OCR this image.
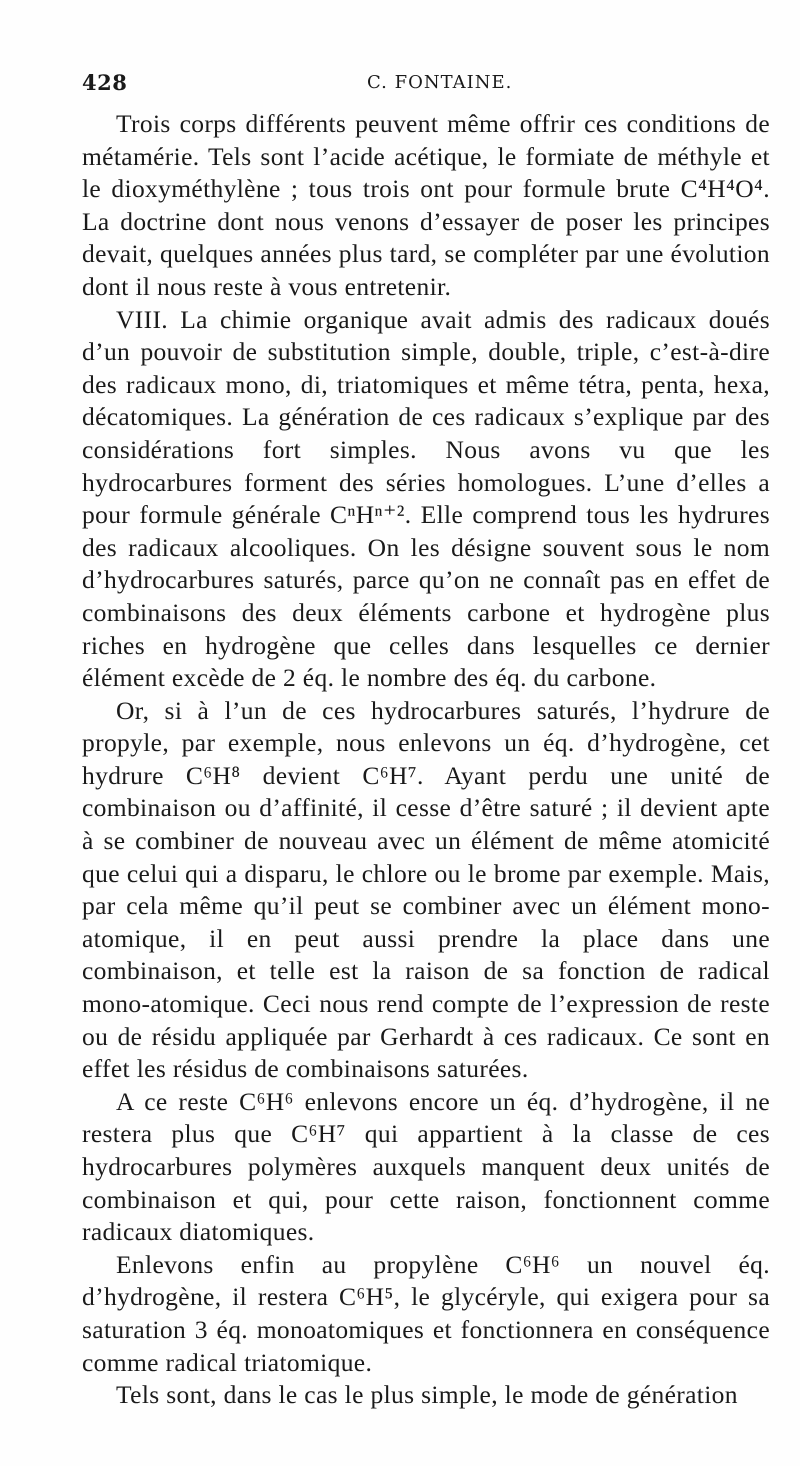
428	C. FONTAINE.

Trois corps différents peuvent même offrir ces conditions de métamérie. Tels sont l’acide acétique, le formiate de méthyle et le dioxyméthylène ; tous trois ont pour formule brute C⁴H⁴O⁴. La doctrine dont nous venons d’essayer de poser les principes devait, quelques années plus tard, se compléter par une évolution dont il nous reste à vous entretenir.

VIII. La chimie organique avait admis des radicaux doués d’un pouvoir de substitution simple, double, triple, c’est-à-dire des radicaux mono, di, triatomiques et même tétra, penta, hexa, décatomiques. La génération de ces radicaux s’explique par des considérations fort simples. Nous avons vu que les hydrocarbures forment des séries homologues. L’une d’elles a pour formule générale CⁿHⁿ⁺². Elle comprend tous les hydrures des radicaux alcooliques. On les désigne souvent sous le nom d’hydrocarbures saturés, parce qu’on ne connaît pas en effet de combinaisons des deux éléments carbone et hydrogène plus riches en hydrogène que celles dans lesquelles ce dernier élément excède de 2 éq. le nombre des éq. du carbone.

Or, si à l’un de ces hydrocarbures saturés, l’hydrure de propyle, par exemple, nous enlevons un éq. d’hydrogène, cet hydrure C⁶H⁸ devient C⁶H⁷. Ayant perdu une unité de combinaison ou d’affinité, il cesse d’être saturé ; il devient apte à se combiner de nouveau avec un élément de même atomicité que celui qui a disparu, le chlore ou le brome par exemple. Mais, par cela même qu’il peut se combiner avec un élément mono-atomique, il en peut aussi prendre la place dans une combinaison, et telle est la raison de sa fonction de radical mono-atomique. Ceci nous rend compte de l’expression de reste ou de résidu appliquée par Gerhardt à ces radicaux. Ce sont en effet les résidus de combinaisons saturées.

A ce reste C⁶H⁶ enlevons encore un éq. d’hydrogène, il ne restera plus que C⁶H⁷ qui appartient à la classe de ces hydrocarbures polymères auxquels manquent deux unités de combinaison et qui, pour cette raison, fonctionnent comme radicaux diatomiques.

Enlevons enfin au propylène C⁶H⁶ un nouvel éq. d’hydrogène, il restera C⁶H⁵, le glycéryle, qui exigera pour sa saturation 3 éq. monoatomiques et fonctionnera en conséquence comme radical triatomique.

Tels sont, dans le cas le plus simple, le mode de génération
